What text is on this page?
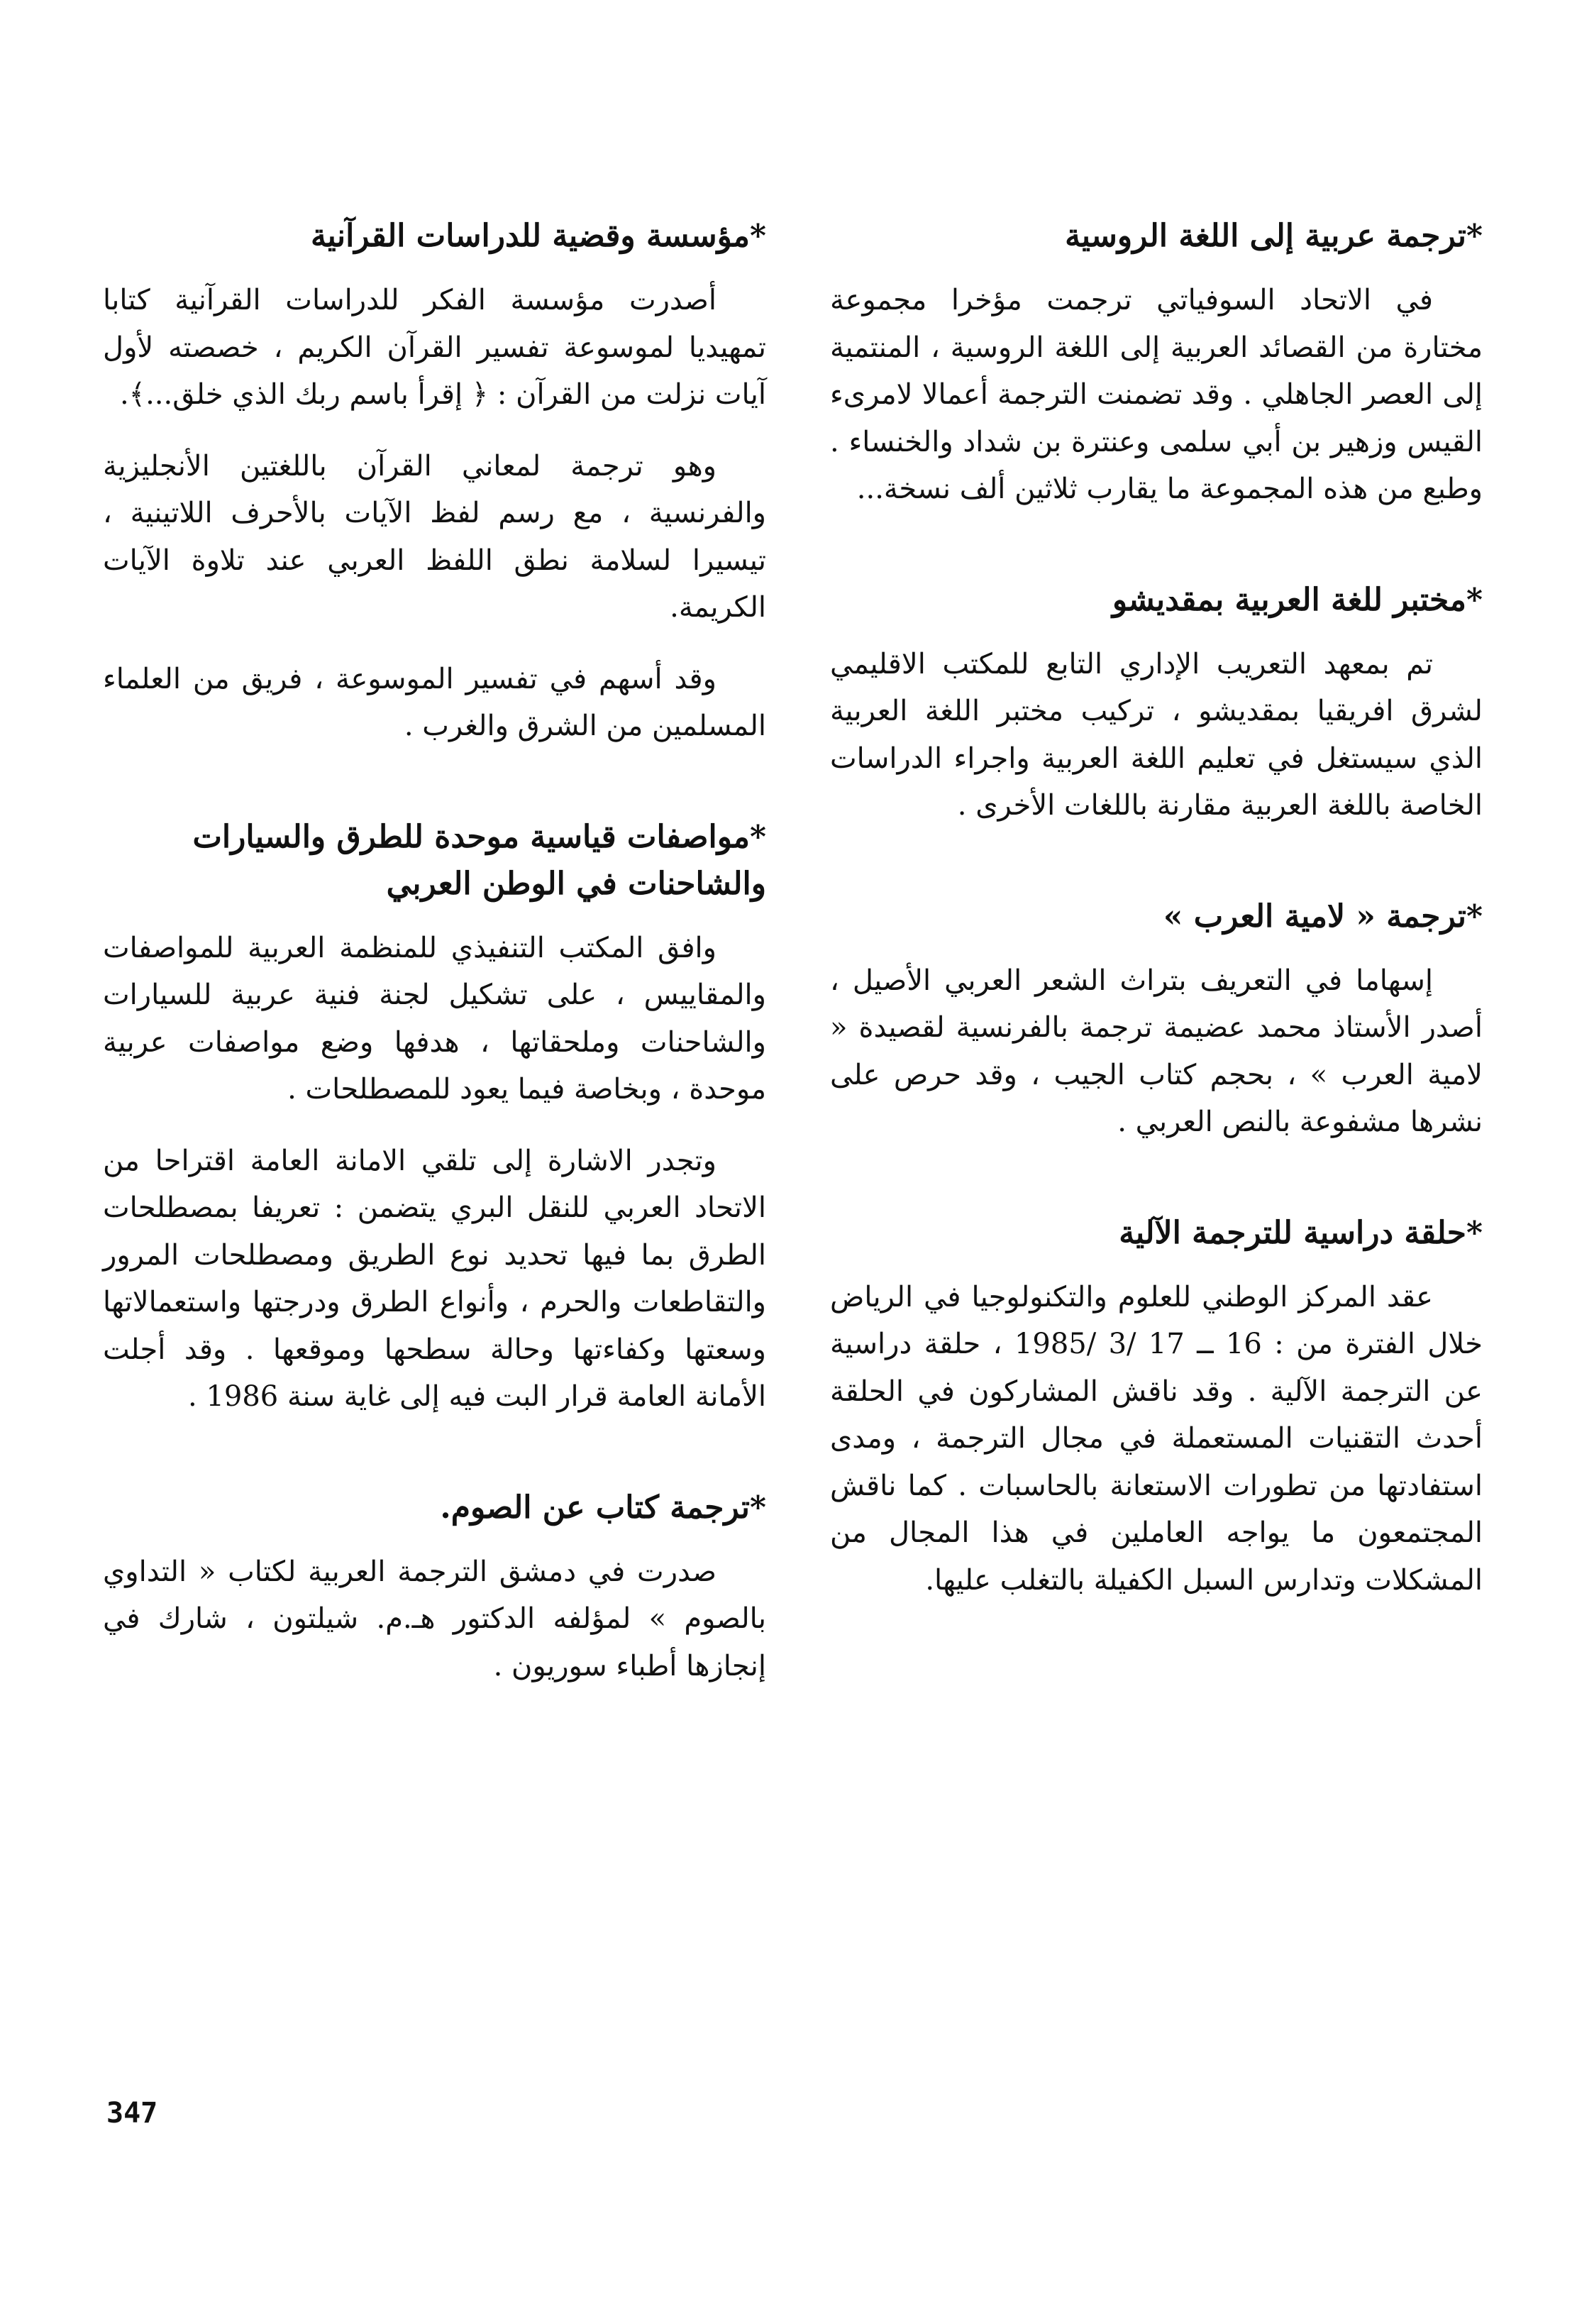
*ترجمة عربية إلى اللغة الروسية

في الاتحاد السوفياتي ترجمت مؤخرا مجموعة مختارة من القصائد العربية إلى اللغة الروسية ، المنتمية إلى العصر الجاهلي . وقد تضمنت الترجمة أعمالا لامرىء القيس وزهير بن أبي سلمى وعنترة بن شداد والخنساء . وطبع من هذه المجموعة ما يقارب ثلاثين ألف نسخة...

*مختبر للغة العربية بمقديشو

تم بمعهد التعريب الإداري التابع للمكتب الاقليمي لشرق افريقيا بمقديشو ، تركيب مختبر اللغة العربية الذي سيستغل في تعليم اللغة العربية واجراء الدراسات الخاصة باللغة العربية مقارنة باللغات الأخرى .

*ترجمة « لامية العرب »

إسهاما في التعريف بتراث الشعر العربي الأصيل ، أصدر الأستاذ محمد عضيمة ترجمة بالفرنسية لقصيدة « لامية العرب » ، بحجم كتاب الجيب ، وقد حرص على نشرها مشفوعة بالنص العربي .

*حلقة دراسية للترجمة الآلية

عقد المركز الوطني للعلوم والتكنولوجيا في الرياض خلال الفترة من : 16 ــ 17 /3 /1985 ، حلقة دراسية عن الترجمة الآلية . وقد ناقش المشاركون في الحلقة أحدث التقنيات المستعملة في مجال الترجمة ، ومدى استفادتها من تطورات الاستعانة بالحاسبات . كما ناقش المجتمعون ما يواجه العاملين في هذا المجال من المشكلات وتدارس السبل الكفيلة بالتغلب عليها.

*مؤسسة وقضية للدراسات القرآنية

أصدرت مؤسسة الفكر للدراسات القرآنية كتابا تمهيديا لموسوعة تفسير القرآن الكريم ، خصصته لأول آيات نزلت من القرآن : ﴿ إقرأ باسم ربك الذي خلق...﴾.

وهو ترجمة لمعاني القرآن باللغتين الأنجليزية والفرنسية ، مع رسم لفظ الآيات بالأحرف اللاتينية ، تيسيرا لسلامة نطق اللفظ العربي عند تلاوة الآيات الكريمة.

وقد أسهم في تفسير الموسوعة ، فريق من العلماء المسلمين من الشرق والغرب .

*مواصفات قياسية موحدة للطرق والسيارات والشاحنات في الوطن العربي

وافق المكتب التنفيذي للمنظمة العربية للمواصفات والمقاييس ، على تشكيل لجنة فنية عربية للسيارات والشاحنات وملحقاتها ، هدفها وضع مواصفات عربية موحدة ، وبخاصة فيما يعود للمصطلحات .

وتجدر الاشارة إلى تلقي الامانة العامة اقتراحا من الاتحاد العربي للنقل البري يتضمن : تعريفا بمصطلحات الطرق بما فيها تحديد نوع الطريق ومصطلحات المرور والتقاطعات والحرم ، وأنواع الطرق ودرجتها واستعمالاتها وسعتها وكفاءتها وحالة سطحها وموقعها . وقد أجلت الأمانة العامة قرار البت فيه إلى غاية سنة 1986 .

*ترجمة كتاب عن الصوم.

صدرت في دمشق الترجمة العربية لكتاب « التداوي بالصوم » لمؤلفه الدكتور هـ.م. شيلتون ، شارك في إنجازها أطباء سوريون .

347
